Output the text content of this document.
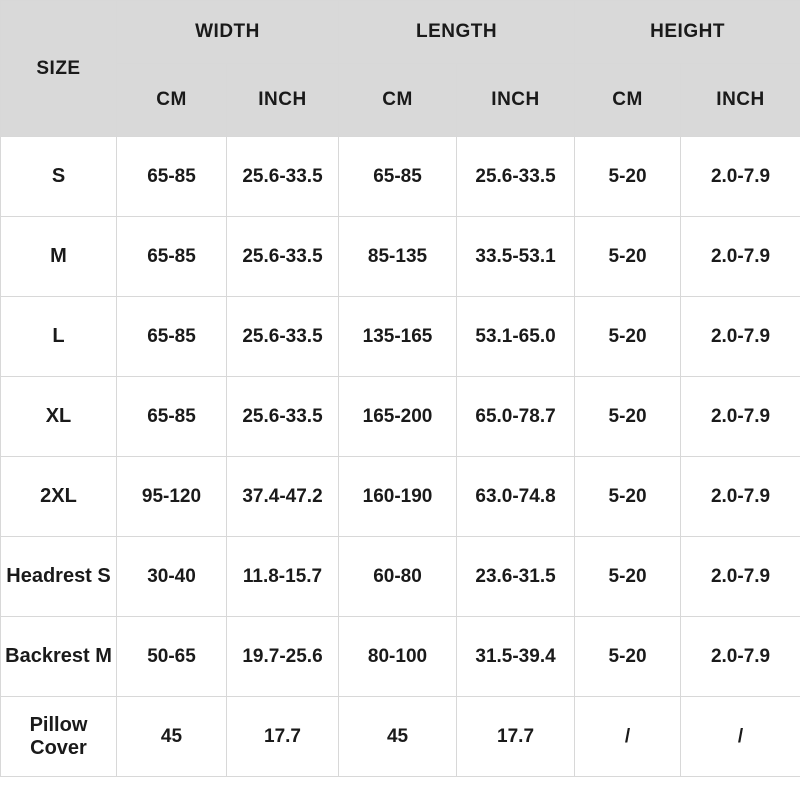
SIZE	WIDTH		LENGTH		HEIGHT	
	CM	INCH	CM	INCH	CM	INCH
S	65-85	25.6-33.5	65-85	25.6-33.5	5-20	2.0-7.9
M	65-85	25.6-33.5	85-135	33.5-53.1	5-20	2.0-7.9
L	65-85	25.6-33.5	135-165	53.1-65.0	5-20	2.0-7.9
XL	65-85	25.6-33.5	165-200	65.0-78.7	5-20	2.0-7.9
2XL	95-120	37.4-47.2	160-190	63.0-74.8	5-20	2.0-7.9
Headrest S	30-40	11.8-15.7	60-80	23.6-31.5	5-20	2.0-7.9
Backrest M	50-65	19.7-25.6	80-100	31.5-39.4	5-20	2.0-7.9
Pillow Cover	45	17.7	45	17.7	/	/
